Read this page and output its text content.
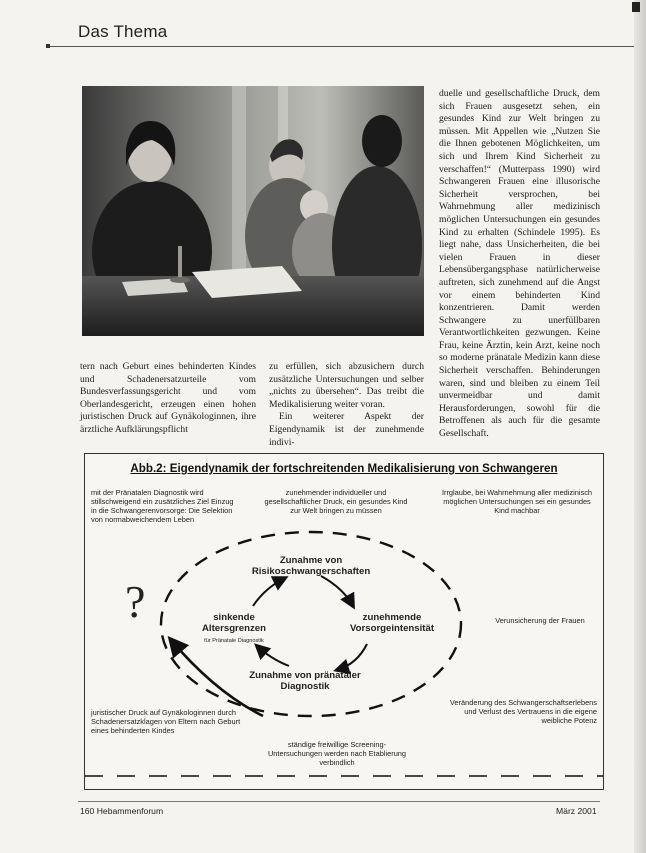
Das Thema

duelle und gesellschaftliche Druck, dem sich Frauen ausgesetzt sehen, ein gesundes Kind zur Welt bringen zu müssen. Mit Appellen wie „Nutzen Sie die Ihnen gebotenen Möglichkeiten, um sich und Ihrem Kind Sicherheit zu verschaffen!“ (Mutterpass 1990) wird Schwangeren Frauen eine illusorische Sicherheit versprochen, bei Wahrnehmung aller medizinisch möglichen Untersuchungen ein gesundes Kind zu erhalten (Schindele 1995). Es liegt nahe, dass Unsicherheiten, die bei vielen Frauen in dieser Lebensübergangsphase natürlicherweise auftreten, sich zunehmend auf die Angst vor einem behinderten Kind konzentrieren. Damit werden Schwangere zu unerfüllbaren Verantwortlichkeiten gezwungen. Keine Frau, keine Ärztin, kein Arzt, keine noch so moderne pränatale Medizin kann diese Sicherheit verschaffen. Behinderungen waren, sind und bleiben zu einem Teil unvermeidbar und damit Herausforderungen, sowohl für die Betroffenen als auch für die gesamte Gesellschaft.

tern nach Geburt eines behinderten Kindes und Schadenersatzurteile vom Bundesverfassungsgericht und vom Oberlandesgericht, erzeugen einen hohen juristischen Druck auf Gynäkologinnen, ihre ärztliche Aufklärungspflicht

zu erfüllen, sich abzusichern durch zusätzliche Untersuchungen und selber „nichts zu übersehen“. Das treibt die Medikalisierung weiter voran.

Ein weiterer Aspekt der Eigendynamik ist der zunehmende indivi-

Abb.2: Eigendynamik der fortschreitenden Medikalisierung von Schwangeren
mit der Pränatalen Diagnostik wird stillschweigend ein zusätzliches Ziel Einzug in die Schwangerenvorsorge: Die Selektion von normabweichendem Leben
zunehmender individueller und gesellschaftlicher Druck, ein gesundes Kind zur Welt bringen zu müssen
Irrglaube, bei Wahrnehmung aller medizinisch möglichen Untersuchungen sei ein gesundes Kind machbar
Zunahme von Risikoschwangerschaften
zunehmende Vorsorgeintensität
Zunahme von pränataler Diagnostik
sinkende Altersgrenzen
für Pränatale Diagnostik
?	Verunsicherung der Frauen
juristischer Druck auf Gynäkologinnen durch Schadenersatzklagen von Eltern nach Geburt eines behinderten Kindes
Veränderung des Schwangerschaftserlebens und Verlust des Vertrauens in die eigene weibliche Potenz
ständige freiwillige Screening-Untersuchungen werden nach Etablierung verbindlich
160 Hebammenforum	März 2001
